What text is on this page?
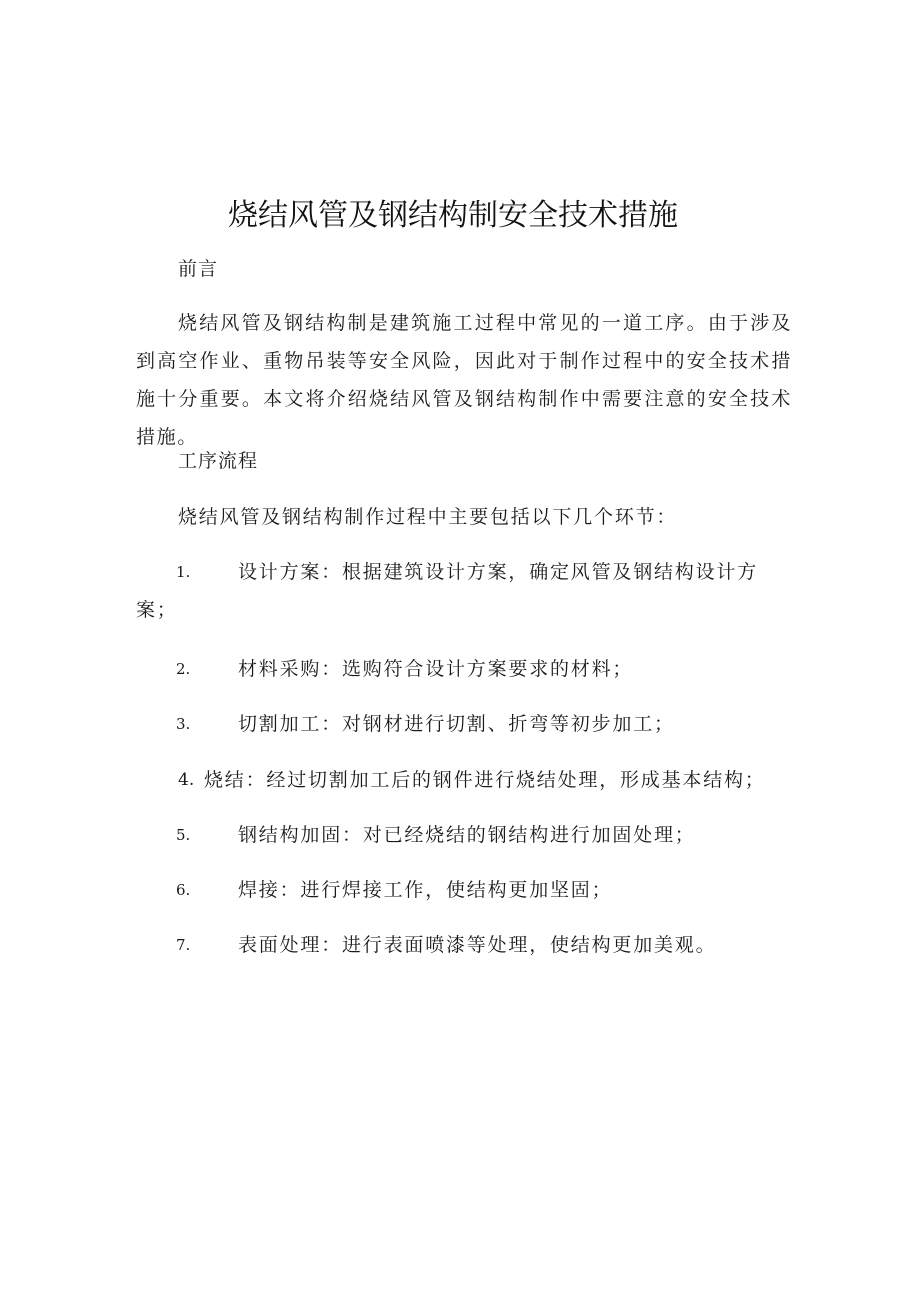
烧结风管及钢结构制安全技术措施
前言
烧结风管及钢结构制是建筑施工过程中常见的一道工序。由于涉及到高空作业、重物吊装等安全风险，因此对于制作过程中的安全技术措施十分重要。本文将介绍烧结风管及钢结构制作中需要注意的安全技术措施。
工序流程
烧结风管及钢结构制作过程中主要包括以下几个环节：
1.	设计方案：根据建筑设计方案，确定风管及钢结构设计方案；
2.	材料采购：选购符合设计方案要求的材料；
3.	切割加工：对钢材进行切割、折弯等初步加工；
4. 烧结：经过切割加工后的钢件进行烧结处理，形成基本结构；
5.	钢结构加固：对已经烧结的钢结构进行加固处理；
6.	焊接：进行焊接工作，使结构更加坚固；
7.	表面处理：进行表面喷漆等处理，使结构更加美观。
